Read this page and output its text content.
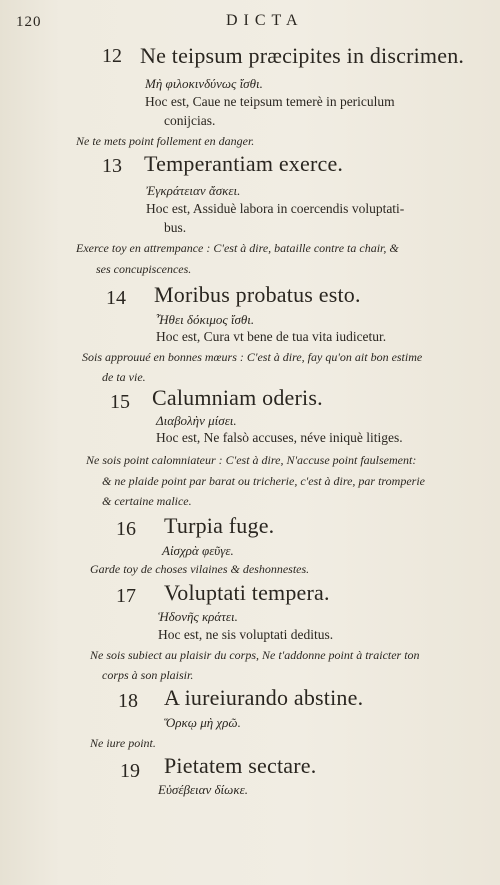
120	DICTA
12 Ne teipsum præcipites in discrimen.
Μὴ φιλοκινδύνως ἴσθι.
Hoc est, Caue ne teipsum temerè in periculum
conijcias.
Ne te mets point follement en danger.
13 Temperantiam exerce.
Ἐγκράτειαν ἄσκει.
Hoc est, Assiduè labora in coercendis voluptati-
bus.
Exerce toy en attrempance : C'est à dire, bataille contre ta chair, &
ses concupiscences.
14 Moribus probatus esto.
Ἦθει δόκιμος ἴσθι.
Hoc est, Cura vt bene de tua vita iudicetur.
Sois approuué en bonnes mœurs : C'est à dire, fay qu'on ait bon estime
de ta vie.
15 Calumniam oderis.
Διαβολὴν μίσει.
Hoc est, Ne falsò accuses, néve iniquè litiges.
Ne sois point calomniateur : C'est à dire, N'accuse point faulsement:
& ne plaide point par barat ou tricherie, c'est à dire, par tromperie
& certaine malice.
16 Turpia fuge.
Αἰσχρὰ φεῦγε.
Garde toy de choses vilaines & deshonnestes.
17 Voluptati tempera.
Ἡδονῆς κράτει.
Hoc est, ne sis voluptati deditus.
Ne sois subiect au plaisir du corps, Ne t'addonne point à traicter ton
corps à son plaisir.
18 A iureiurando abstine.
Ὅρκῳ μὴ χρῶ.
Ne iure point.
19 Pietatem sectare.
Εὐσέβειαν δίωκε.
